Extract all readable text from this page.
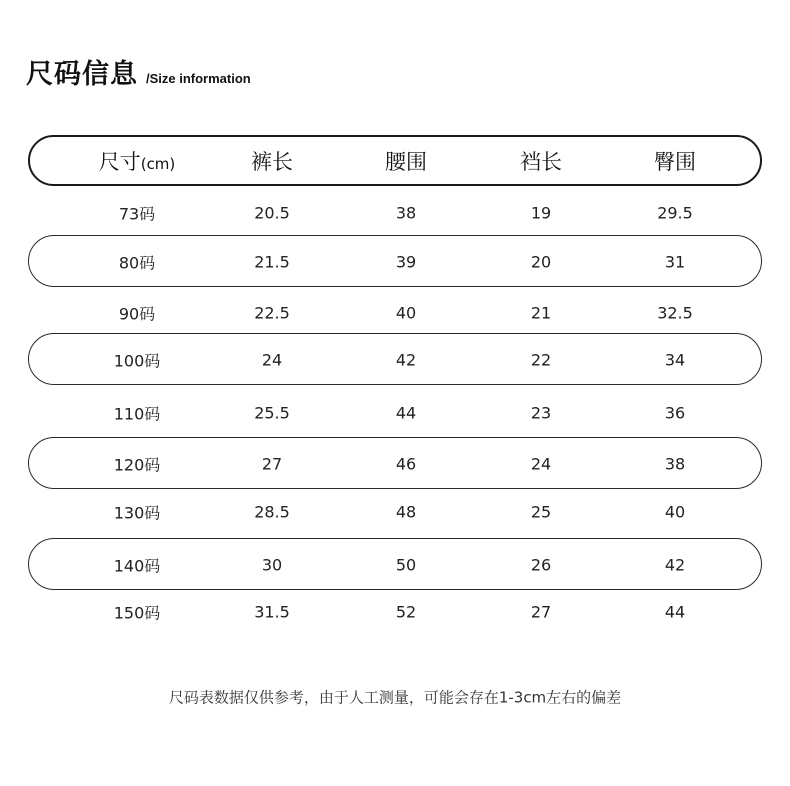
尺码信息 /Size information
尺寸(cm)	裤长	腰围	裆长	臀围
73码	20.5	38	19	29.5
80码	21.5	39	20	31
90码	22.5	40	21	32.5
100码	24	42	22	34
110码	25.5	44	23	36
120码	27	46	24	38
130码	28.5	48	25	40
140码	30	50	26	42
150码	31.5	52	27	44
尺码表数据仅供参考，由于人工测量，可能会存在1-3cm左右的偏差
